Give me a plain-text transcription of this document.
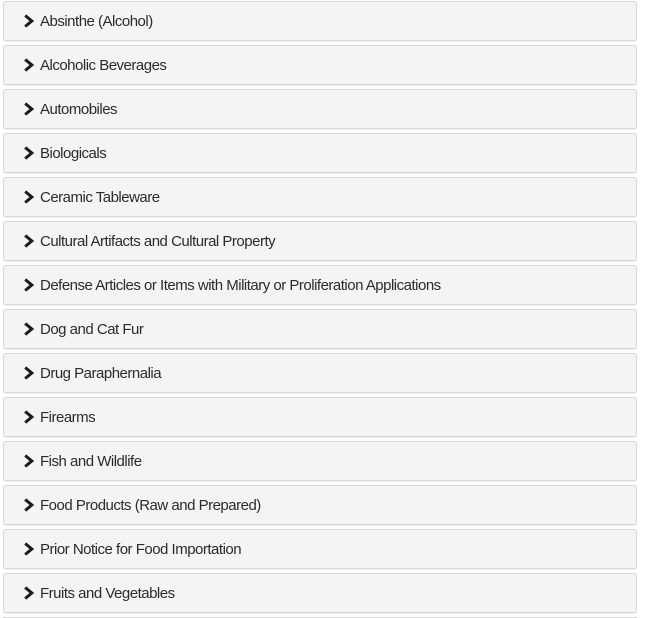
Absinthe (Alcohol)
Alcoholic Beverages
Automobiles
Biologicals
Ceramic Tableware
Cultural Artifacts and Cultural Property
Defense Articles or Items with Military or Proliferation Applications
Dog and Cat Fur
Drug Paraphernalia
Firearms
Fish and Wildlife
Food Products (Raw and Prepared)
Prior Notice for Food Importation
Fruits and Vegetables
